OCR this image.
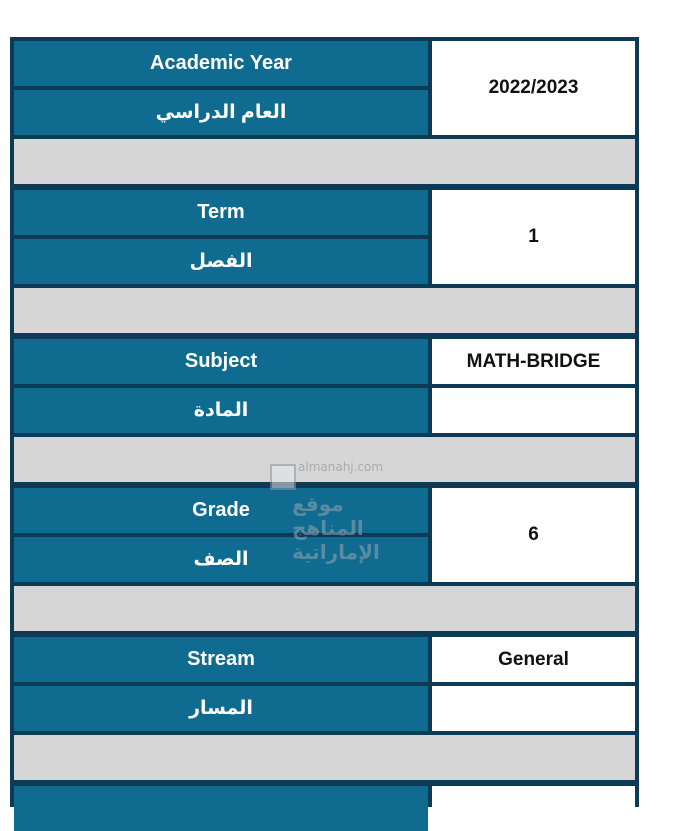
Academic Year
العام الدراسي
2022/2023
Term
الفصل
1
Subject
المادة
MATH-BRIDGE
Grade
الصف
6
Stream
المسار
General
almanahj.com
موقع المناهج الإماراتية
